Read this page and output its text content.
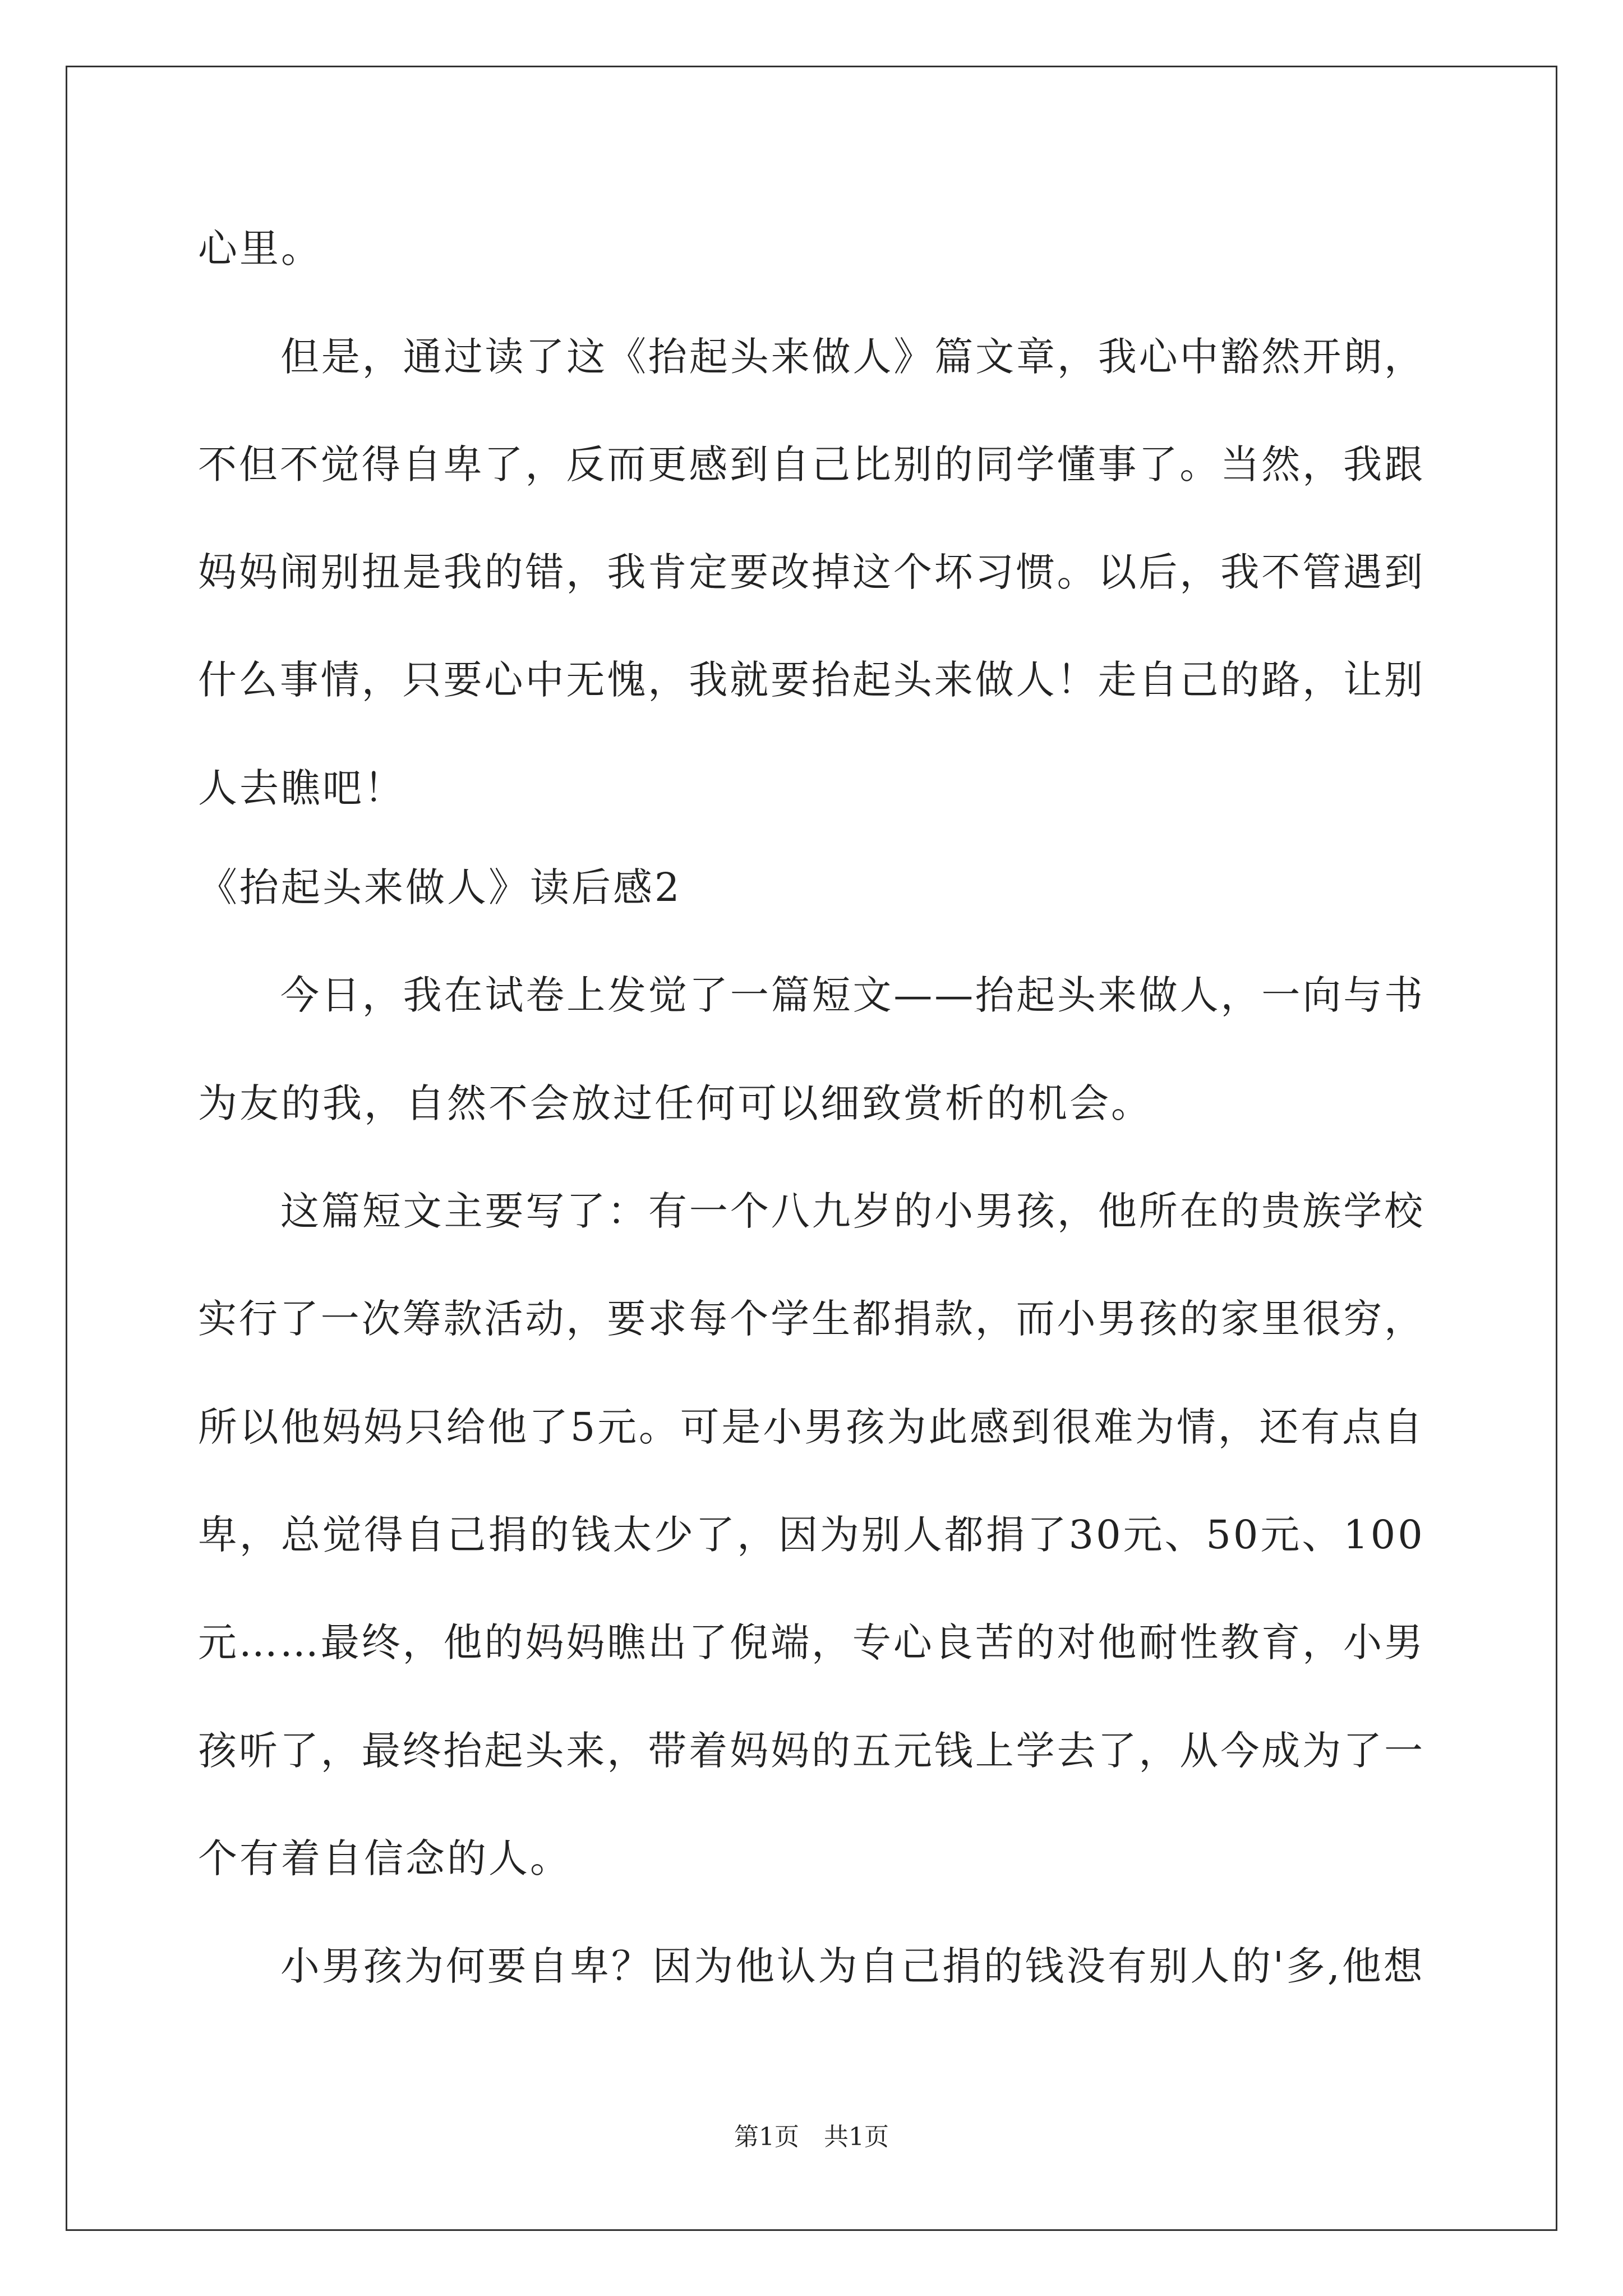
心里。
但是，通过读了这《抬起头来做人》篇文章，我心中豁然开朗，
不但不觉得自卑了，反而更感到自己比别的同学懂事了。当然，我跟
妈妈闹别扭是我的错，我肯定要改掉这个坏习惯。以后，我不管遇到
什么事情，只要心中无愧，我就要抬起头来做人！走自己的路，让别
人去瞧吧！
《抬起头来做人》读后感2
今日，我在试卷上发觉了一篇短文——抬起头来做人，一向与书
为友的我，自然不会放过任何可以细致赏析的机会。
这篇短文主要写了：有一个八九岁的小男孩，他所在的贵族学校
实行了一次筹款活动，要求每个学生都捐款，而小男孩的家里很穷，
所以他妈妈只给他了5元。可是小男孩为此感到很难为情，还有点自
卑，总觉得自己捐的钱太少了，因为别人都捐了30元、50元、100
元……最终，他的妈妈瞧出了倪端，专心良苦的对他耐性教育，小男
孩听了，最终抬起头来，带着妈妈的五元钱上学去了，从今成为了一
个有着自信念的人。
小男孩为何要自卑？因为他认为自己捐的钱没有别人的'多,他想
第1页 共1页
